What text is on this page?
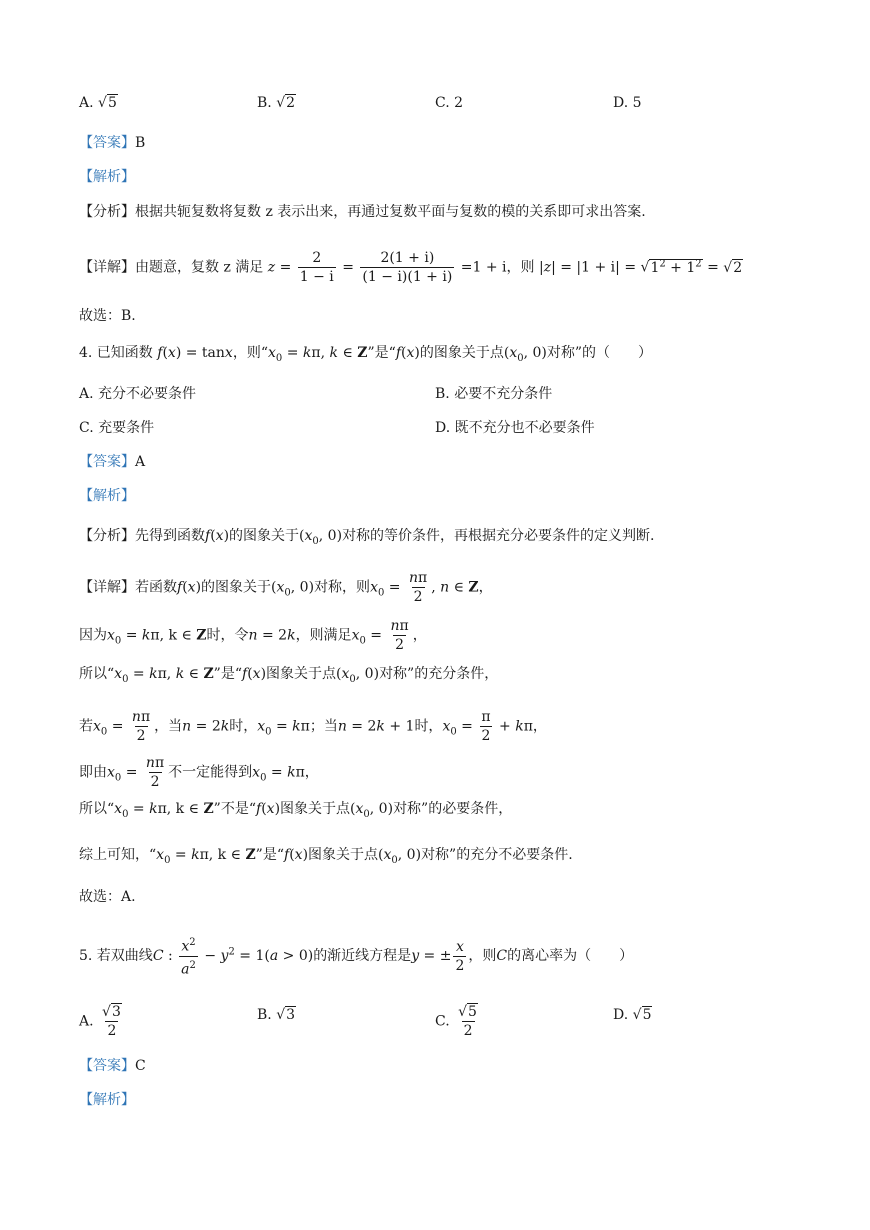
A. √5	B. √2	C. 2	D. 5
【答案】B
【解析】
【分析】根据共轭复数将复数 z 表示出来，再通过复数平面与复数的模的关系即可求出答案.
【详解】由题意，复数 z 满足 $z = \frac{2}{1 - i} = \frac{2(1 + i)}{(1 - i)(1 + i)} =1 + i$，则 $|z| = |1 + i| = √1^2 + 1^2 = √2$
故选：B.
4. 已知函数 f(x) = tanx，则“$x_0 = k\pi$, k ∈ Z”是“f(x)的图象关于点($x_0$, 0)对称”的（　　）
A. 充分不必要条件	B. 必要不充分条件
C. 充要条件	D. 既不充分也不必要条件
【答案】A
【解析】
【分析】先得到函数f(x)的图象关于($x_0$, 0)对称的等价条件，再根据充分必要条件的定义判断.
【详解】若函数f(x)的图象关于($x_0$, 0)对称，则$x_0 = \frac{n\pi}{2}$ , n ∈ Z，
因为$x_0 = k\pi$, k ∈ Z时，令n = 2k，则满足$x_0 = \frac{n\pi}{2}$ ，
所以“$x_0 = k\pi$, k ∈ Z”是“f(x)图象关于点($x_0$, 0)对称”的充分条件，
若$x_0 = \frac{n\pi}{2}$ ，当n = 2k时，$x_0 = k\pi$；当n = 2k + 1时，$x_0 = \frac{\pi}{2} + k\pi$，
即由$x_0 = \frac{n\pi}{2}$ 不一定能得到$x_0 = k\pi$，
所以“$x_0 = k\pi$, k ∈ Z”不是“f(x)图象关于点($x_0$, 0)对称”的必要条件，
综上可知，“$x_0 = k\pi$, k ∈ Z”是“f(x)图象关于点($x_0$, 0)对称”的充分不必要条件.
故选：A.
5. 若双曲线C : $\frac{x^2}{a^2} - y^2 = 1(a > 0)$的渐近线方程是y = ± $\frac{x}{2}$ ，则C的离心率为（　　）
A. $\frac{√3}{2}$	B. √3	C. $\frac{√5}{2}$	D. √5
【答案】C
【解析】
